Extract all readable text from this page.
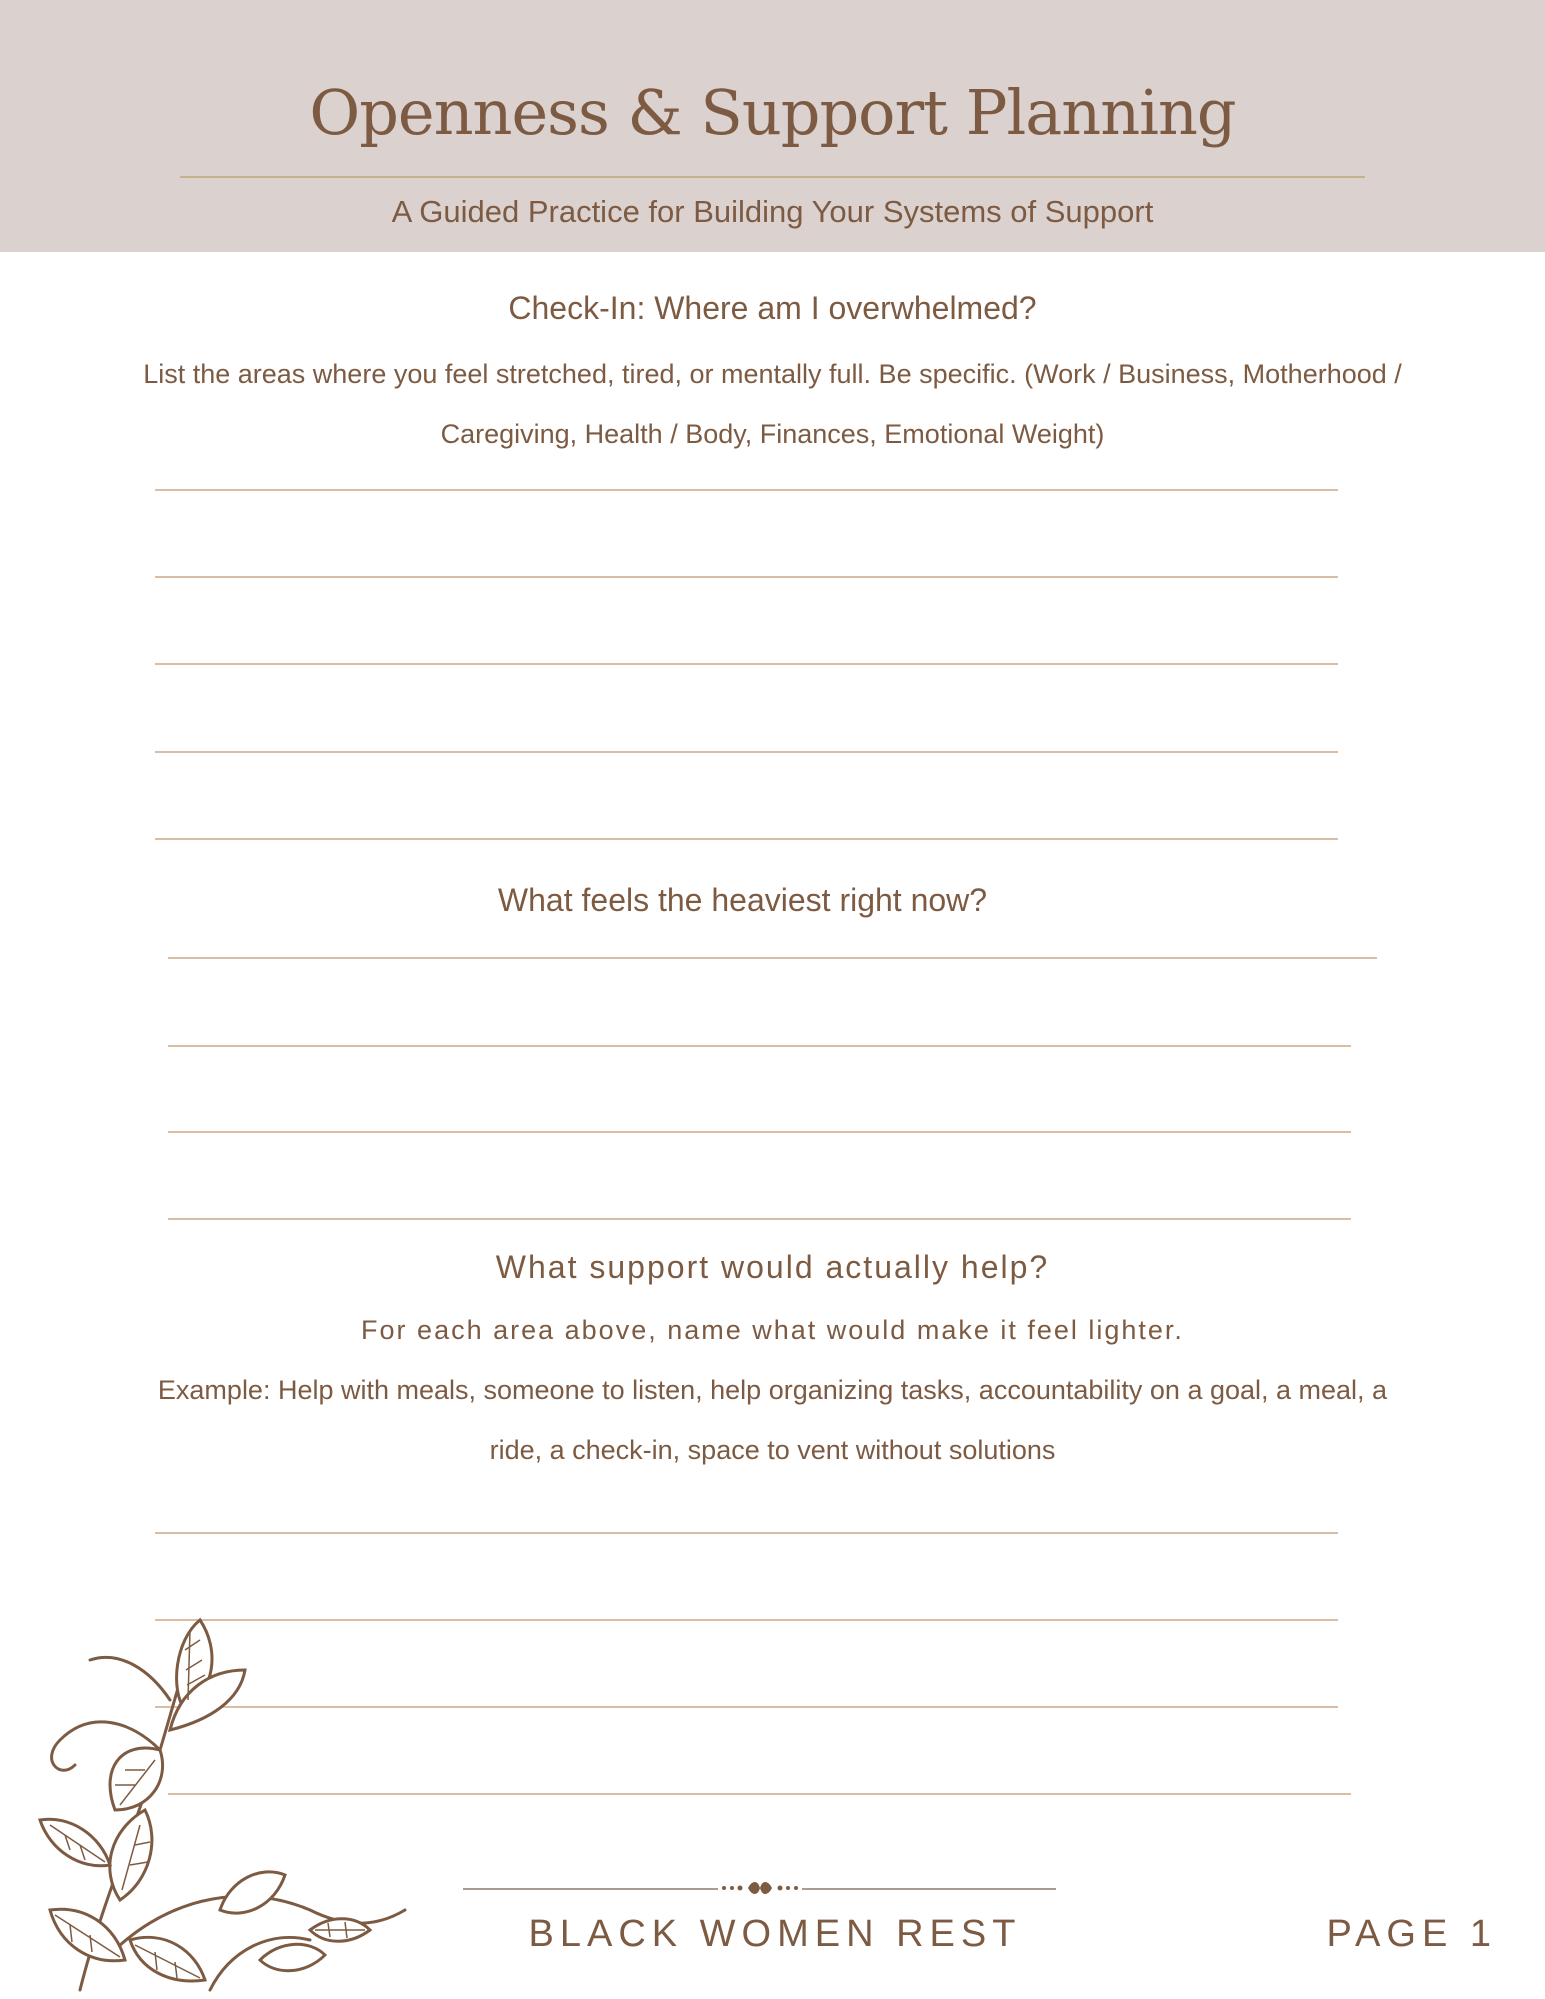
Openness & Support Planning
A Guided Practice for Building Your Systems of Support
Check-In: Where am I overwhelmed?
List the areas where you feel stretched, tired, or mentally full. Be specific. (Work / Business, Motherhood / Caregiving, Health / Body, Finances, Emotional Weight)
What feels the heaviest right now?
What support would actually help?
For each area above, name what would make it feel lighter.
Example: Help with meals, someone to listen, help organizing tasks, accountability on a goal, a meal, a ride, a check-in, space to vent without solutions
BLACK WOMEN REST	PAGE 1
